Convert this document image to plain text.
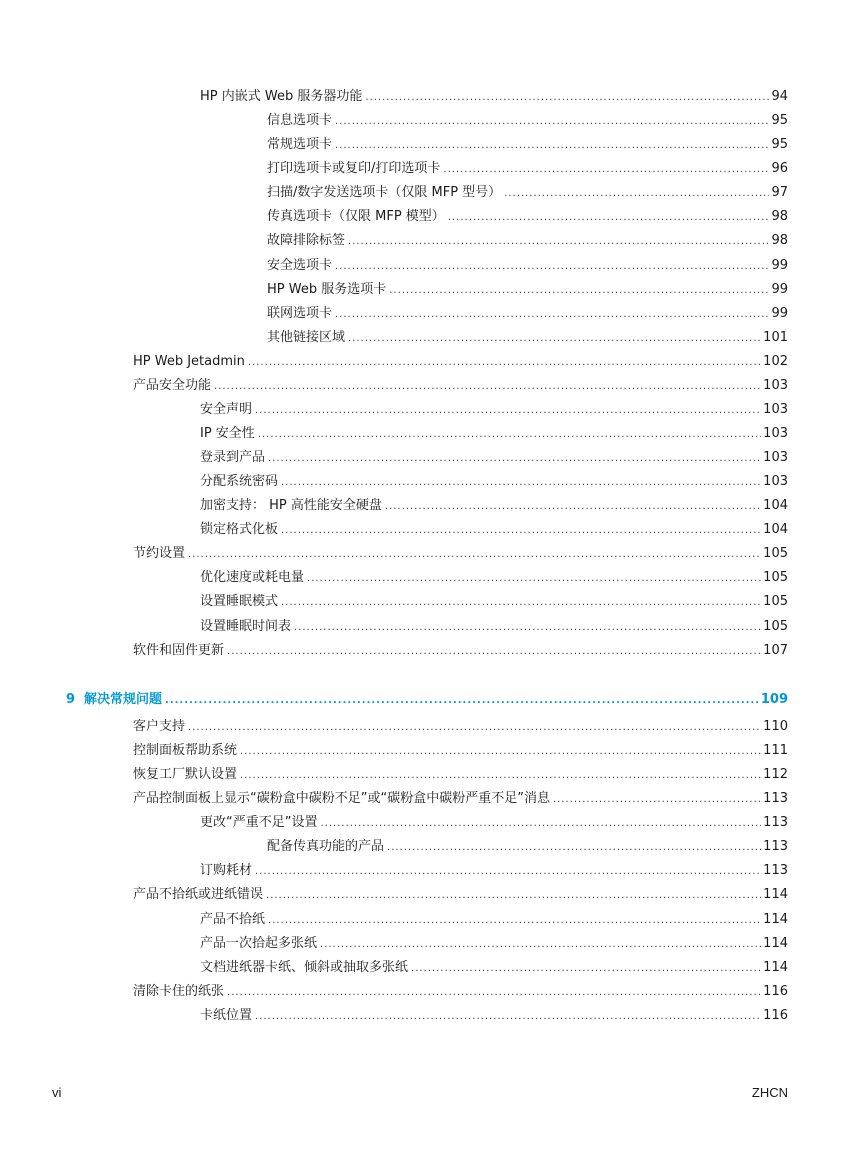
HP 内嵌式 Web 服务器功能 .....	94
信息选项卡 .....	95
常规选项卡 .....	95
打印选项卡或复印/打印选项卡 .....	96
扫描/数字发送选项卡（仅限 MFP 型号） .....	97
传真选项卡（仅限 MFP 模型） .....	98
故障排除标签 .....	98
安全选项卡 .....	99
HP Web 服务选项卡 .....	99
联网选项卡 .....	99
其他链接区域 .....	101
HP Web Jetadmin .....	102
产品安全功能 .....	103
安全声明 .....	103
IP 安全性 .....	103
登录到产品 .....	103
分配系统密码 .....	103
加密支持： HP 高性能安全硬盘 .....	104
锁定格式化板 .....	104
节约设置 .....	105
优化速度或耗电量 .....	105
设置睡眠模式 .....	105
设置睡眠时间表 .....	105
软件和固件更新 .....	107
9 解决常规问题 .....	109
客户支持 .....	110
控制面板帮助系统 .....	111
恢复工厂默认设置 .....	112
产品控制面板上显示“碳粉盒中碳粉不足”或“碳粉盒中碳粉严重不足”消息 .....	113
更改“严重不足”设置 .....	113
配备传真功能的产品 .....	113
订购耗材 .....	113
产品不拾纸或进纸错误 .....	114
产品不拾纸 .....	114
产品一次拾起多张纸 .....	114
文档进纸器卡纸、倾斜或抽取多张纸 .....	114
清除卡住的纸张 .....	116
卡纸位置 .....	116
vi	ZHCN
